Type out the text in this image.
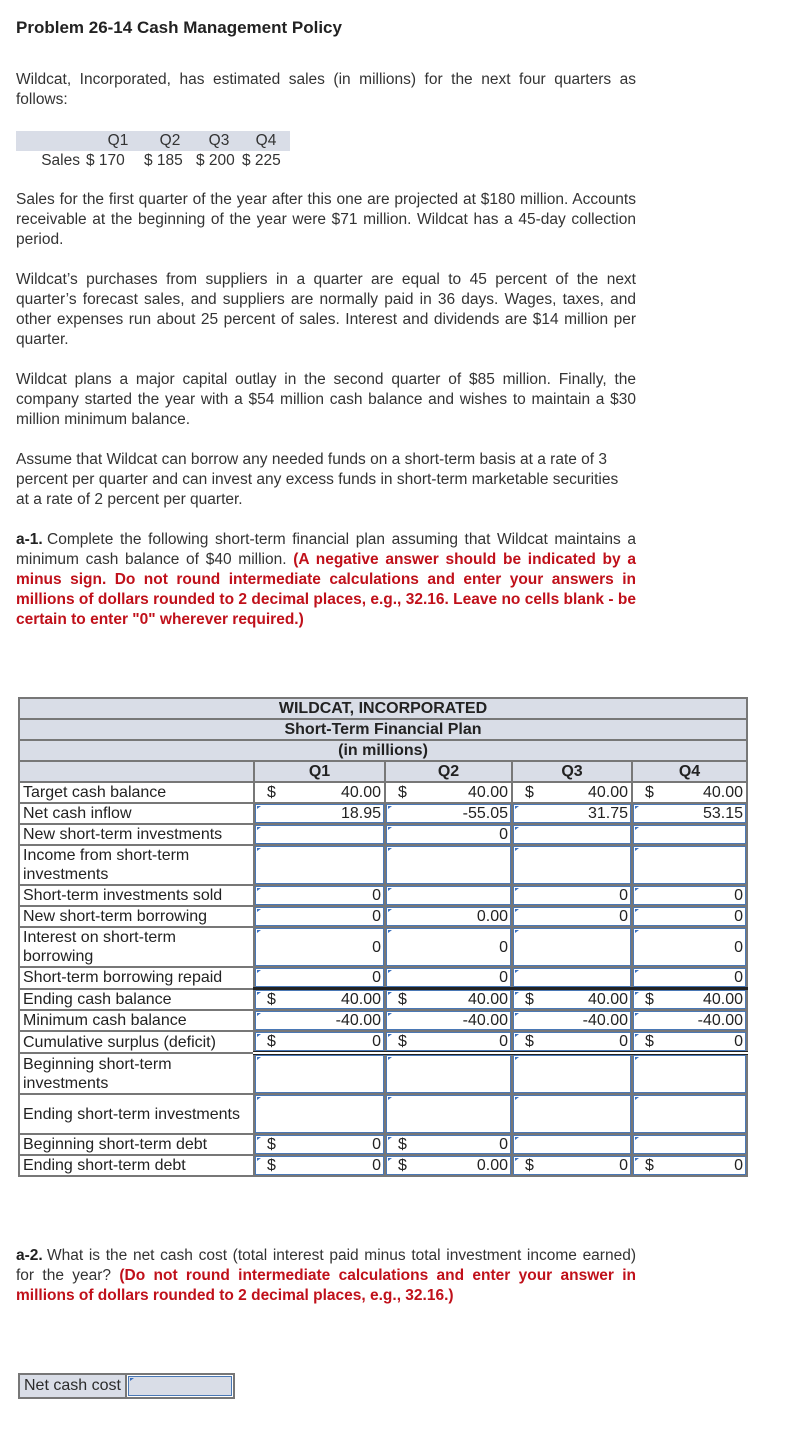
Problem 26-14 Cash Management Policy
Wildcat, Incorporated, has estimated sales (in millions) for the next four quarters as follows:
	Q1	Q2	Q3	Q4
Sales	$ 170	$ 185	$ 200	$ 225
Sales for the first quarter of the year after this one are projected at $180 million. Accounts receivable at the beginning of the year were $71 million. Wildcat has a 45-day collection period.
Wildcat’s purchases from suppliers in a quarter are equal to 45 percent of the next quarter’s forecast sales, and suppliers are normally paid in 36 days. Wages, taxes, and other expenses run about 25 percent of sales. Interest and dividends are $14 million per quarter.
Wildcat plans a major capital outlay in the second quarter of $85 million. Finally, the company started the year with a $54 million cash balance and wishes to maintain a $30 million minimum balance.
Assume that Wildcat can borrow any needed funds on a short-term basis at a rate of 3 percent per quarter and can invest any excess funds in short-term marketable securities at a rate of 2 percent per quarter.
a-1. Complete the following short-term financial plan assuming that Wildcat maintains a minimum cash balance of $40 million. (A negative answer should be indicated by a minus sign. Do not round intermediate calculations and enter your answers in millions of dollars rounded to 2 decimal places, e.g., 32.16. Leave no cells blank - be certain to enter "0" wherever required.)
WILDCAT, INCORPORATED				
Short-Term Financial Plan				
(in millions)				
	Q1	Q2	Q3	Q4
Target cash balance	$ 40.00	$ 40.00	$ 40.00	$ 40.00
Net cash inflow	18.95	-55.05	31.75	53.15
New short-term investments		0	

Income from short-term investments	

Short-term investments sold	0		0	0
New short-term borrowing	0	0.00	0	0
Interest on short-term borrowing	0	0		0
Short-term borrowing repaid	0	0		0
Ending cash balance	$ 40.00	$ 40.00	$ 40.00	$ 40.00
Minimum cash balance	-40.00	-40.00	-40.00	-40.00
Cumulative surplus (deficit)	$ 0	$ 0	$ 0	$ 0
Beginning short-term investments	

Ending short-term investments	

Beginning short-term debt	$ 0	$ 0	

Ending short-term debt	$ 0	$ 0.00	$ 0	$ 0
a-2. What is the net cash cost (total interest paid minus total investment income earned) for the year? (Do not round intermediate calculations and enter your answer in millions of dollars rounded to 2 decimal places, e.g., 32.16.)
Net cash cost
